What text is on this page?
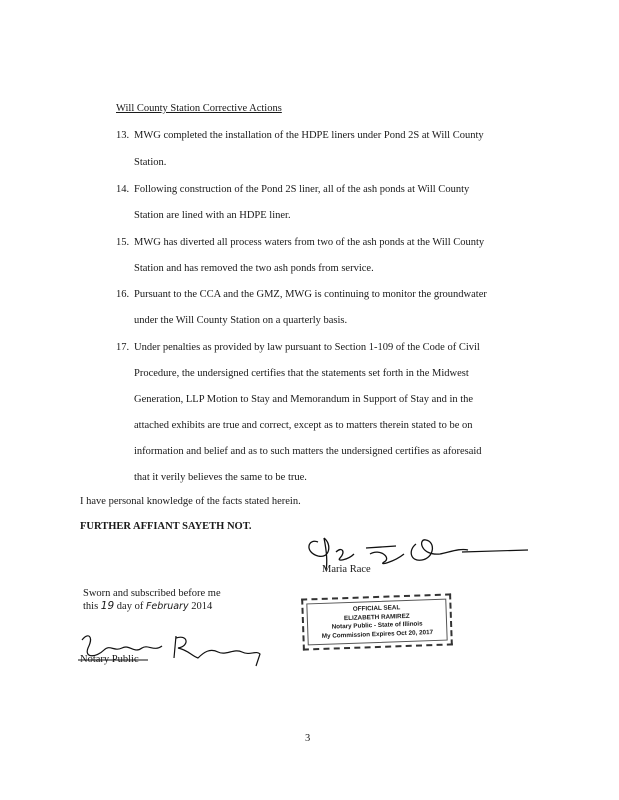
Will County Station Corrective Actions
13. MWG completed the installation of the HDPE liners under Pond 2S at Will County
Station.
14. Following construction of the Pond 2S liner, all of the ash ponds at Will County
Station are lined with an HDPE liner.
15. MWG has diverted all process waters from two of the ash ponds at the Will County
Station and has removed the two ash ponds from service.
16. Pursuant to the CCA and the GMZ, MWG is continuing to monitor the groundwater
under the Will County Station on a quarterly basis.
17. Under penalties as provided by law pursuant to Section 1-109 of the Code of Civil
Procedure, the undersigned certifies that the statements set forth in the Midwest
Generation, LLP Motion to Stay and Memorandum in Support of Stay and in the
attached exhibits are true and correct, except as to matters therein stated to be on
information and belief and as to such matters the undersigned certifies as aforesaid
that it verily believes the same to be true.
I have personal knowledge of the facts stated herein.
FURTHER AFFIANT SAYETH NOT.
Maria Race
Sworn and subscribed before me
this 19 day of February 2014
Notary Public
OFFICIAL SEAL
ELIZABETH RAMIREZ
Notary Public - State of Illinois
My Commission Expires Oct 20, 2017
3
